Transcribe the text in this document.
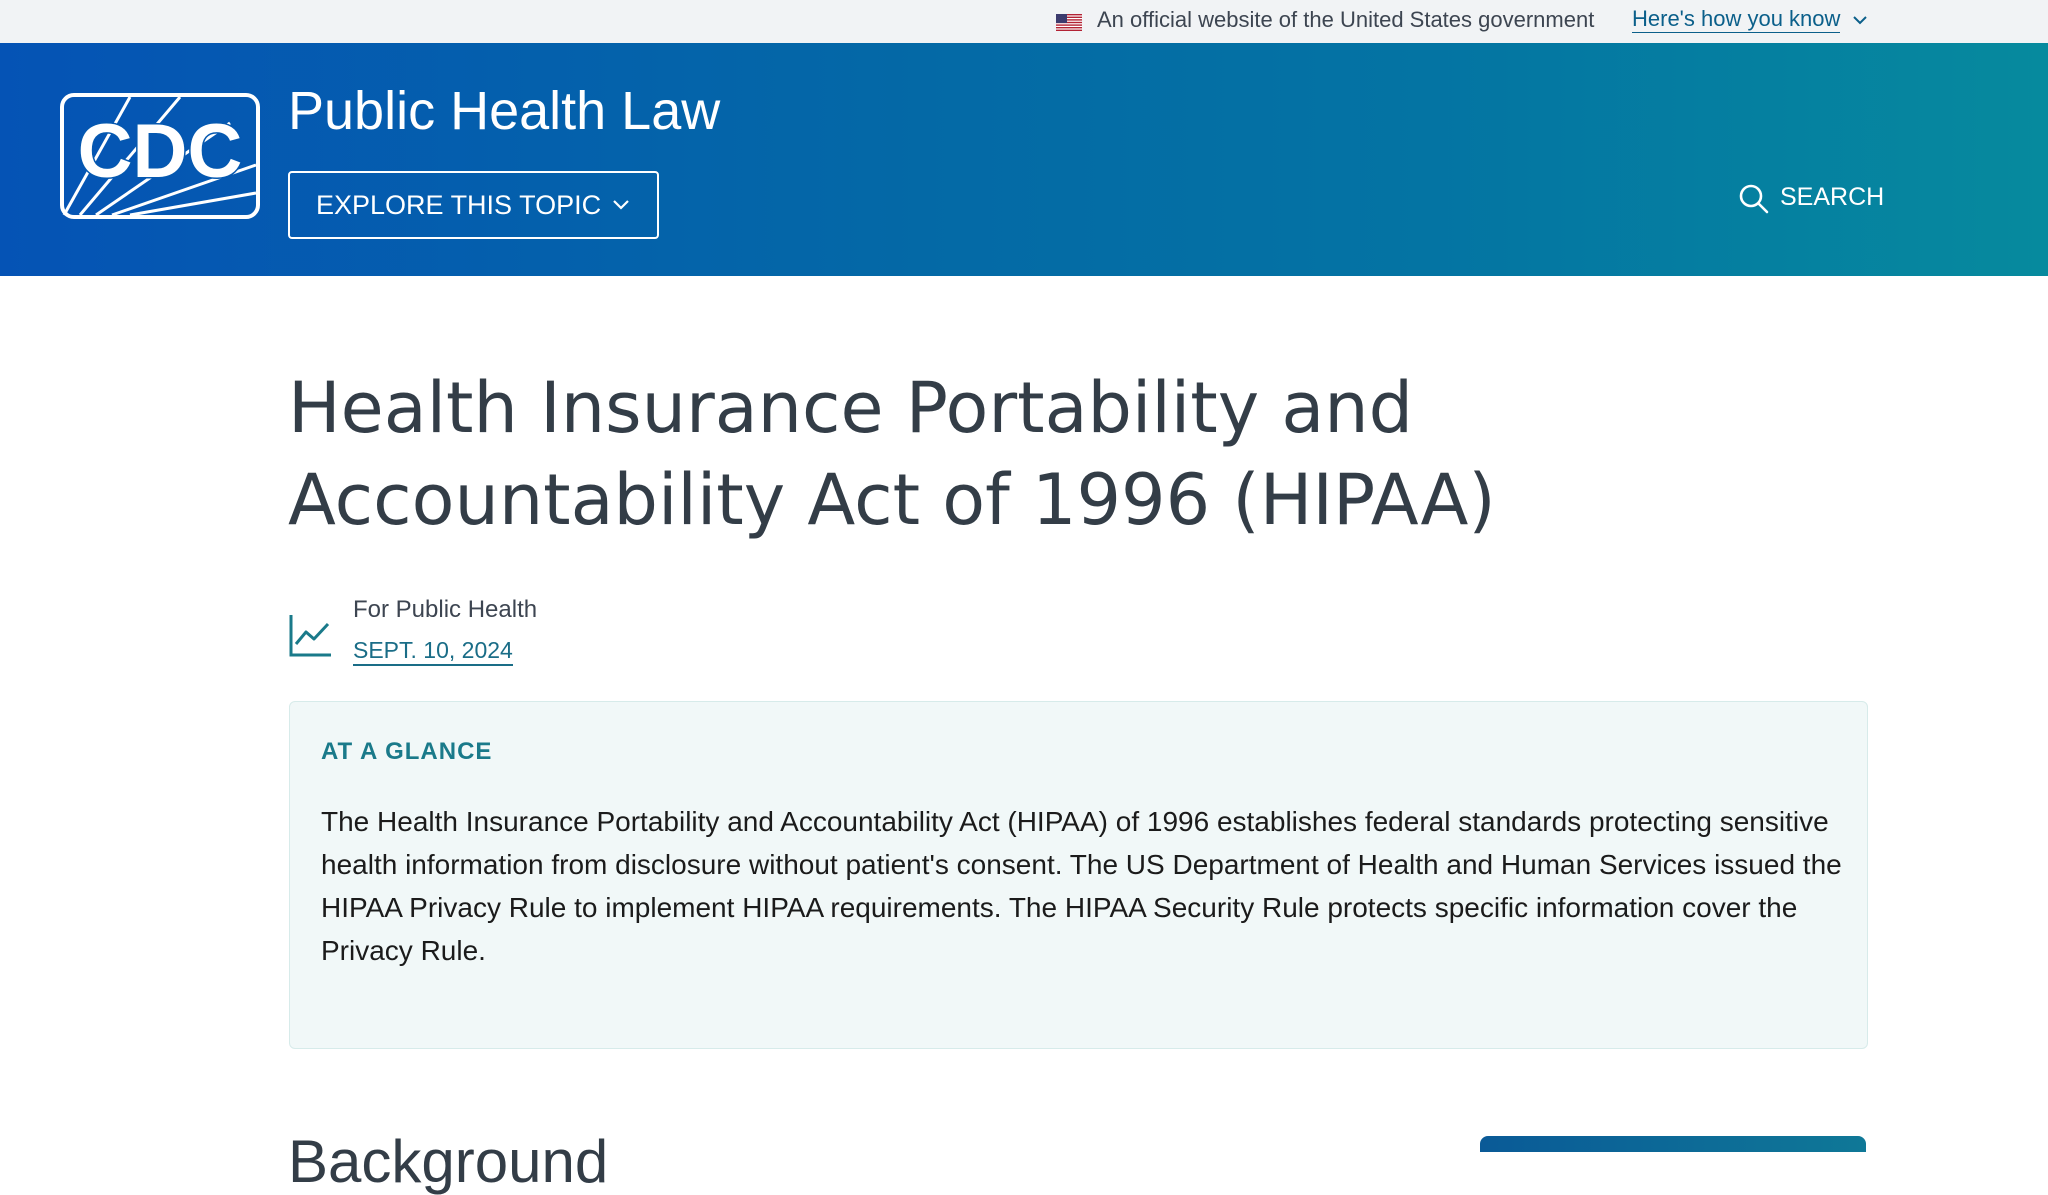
An official website of the United States government Here's how you know
CDC Public Health Law
EXPLORE THIS TOPIC	SEARCH
Health Insurance Portability and Accountability Act of 1996 (HIPAA)
For Public Health
SEPT. 10, 2024
AT A GLANCE

The Health Insurance Portability and Accountability Act (HIPAA) of 1996 establishes federal standards protecting sensitive health information from disclosure without patient's consent. The US Department of Health and Human Services issued the HIPAA Privacy Rule to implement HIPAA requirements. The HIPAA Security Rule protects specific information cover the Privacy Rule.

Background
